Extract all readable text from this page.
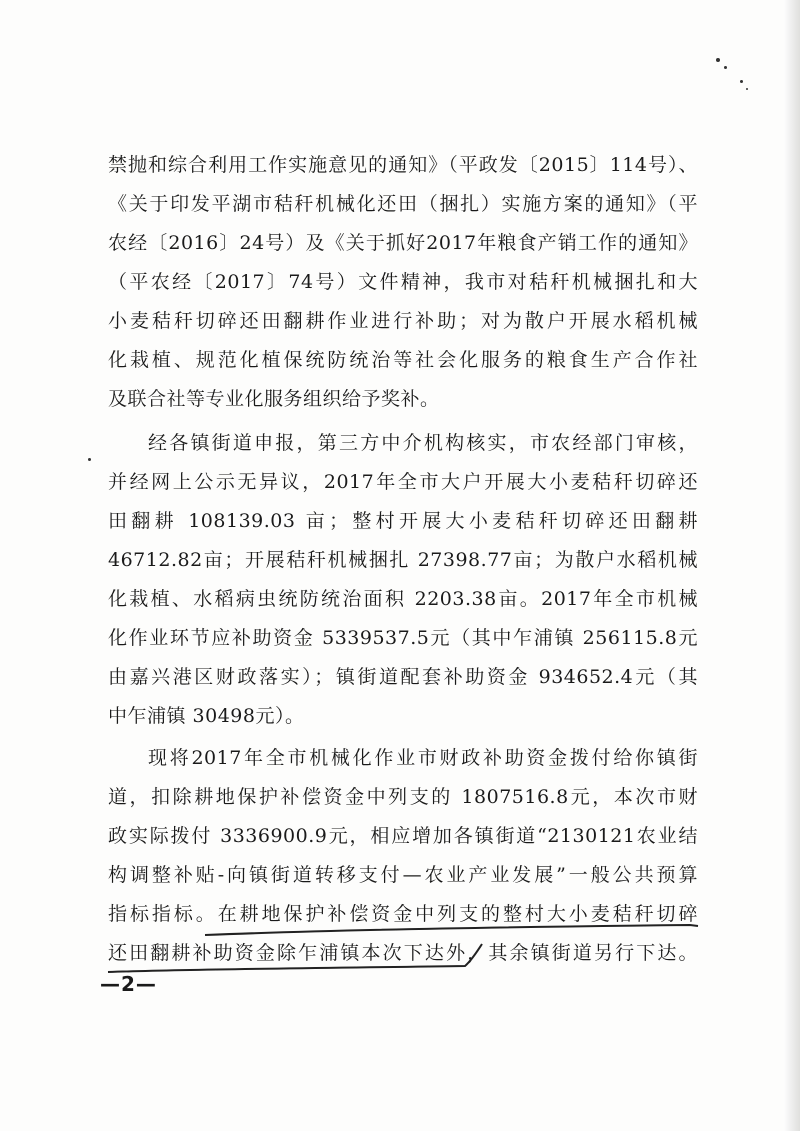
禁抛和综合利用工作实施意见的通知》（平政发〔2015〕114号）、
《关于印发平湖市秸秆机械化还田（捆扎）实施方案的通知》（平
农经〔2016〕24号）及《关于抓好2017年粮食产销工作的通知》
（平农经〔2017〕74号）文件精神，我市对秸秆机械捆扎和大
小麦秸秆切碎还田翻耕作业进行补助；对为散户开展水稻机械
化栽植、规范化植保统防统治等社会化服务的粮食生产合作社
及联合社等专业化服务组织给予奖补。
经各镇街道申报，第三方中介机构核实，市农经部门审核，
并经网上公示无异议，2017年全市大户开展大小麦秸秆切碎还
田翻耕 108139.03 亩；整村开展大小麦秸秆切碎还田翻耕
46712.82亩；开展秸秆机械捆扎 27398.77亩；为散户水稻机械
化栽植、水稻病虫统防统治面积 2203.38亩。2017年全市机械
化作业环节应补助资金 5339537.5元（其中乍浦镇 256115.8元
由嘉兴港区财政落实）；镇街道配套补助资金 934652.4元（其
中乍浦镇 30498元）。
现将2017年全市机械化作业市财政补助资金拨付给你镇街
道，扣除耕地保护补偿资金中列支的 1807516.8元，本次市财
政实际拨付 3336900.9元，相应增加各镇街道“2130121农业结
构调整补贴-向镇街道转移支付—农业产业发展”一般公共预算
指标指标。在耕地保护补偿资金中列支的整村大小麦秸秆切碎
还田翻耕补助资金除乍浦镇本次下达外，其余镇街道另行下达。
—2—
